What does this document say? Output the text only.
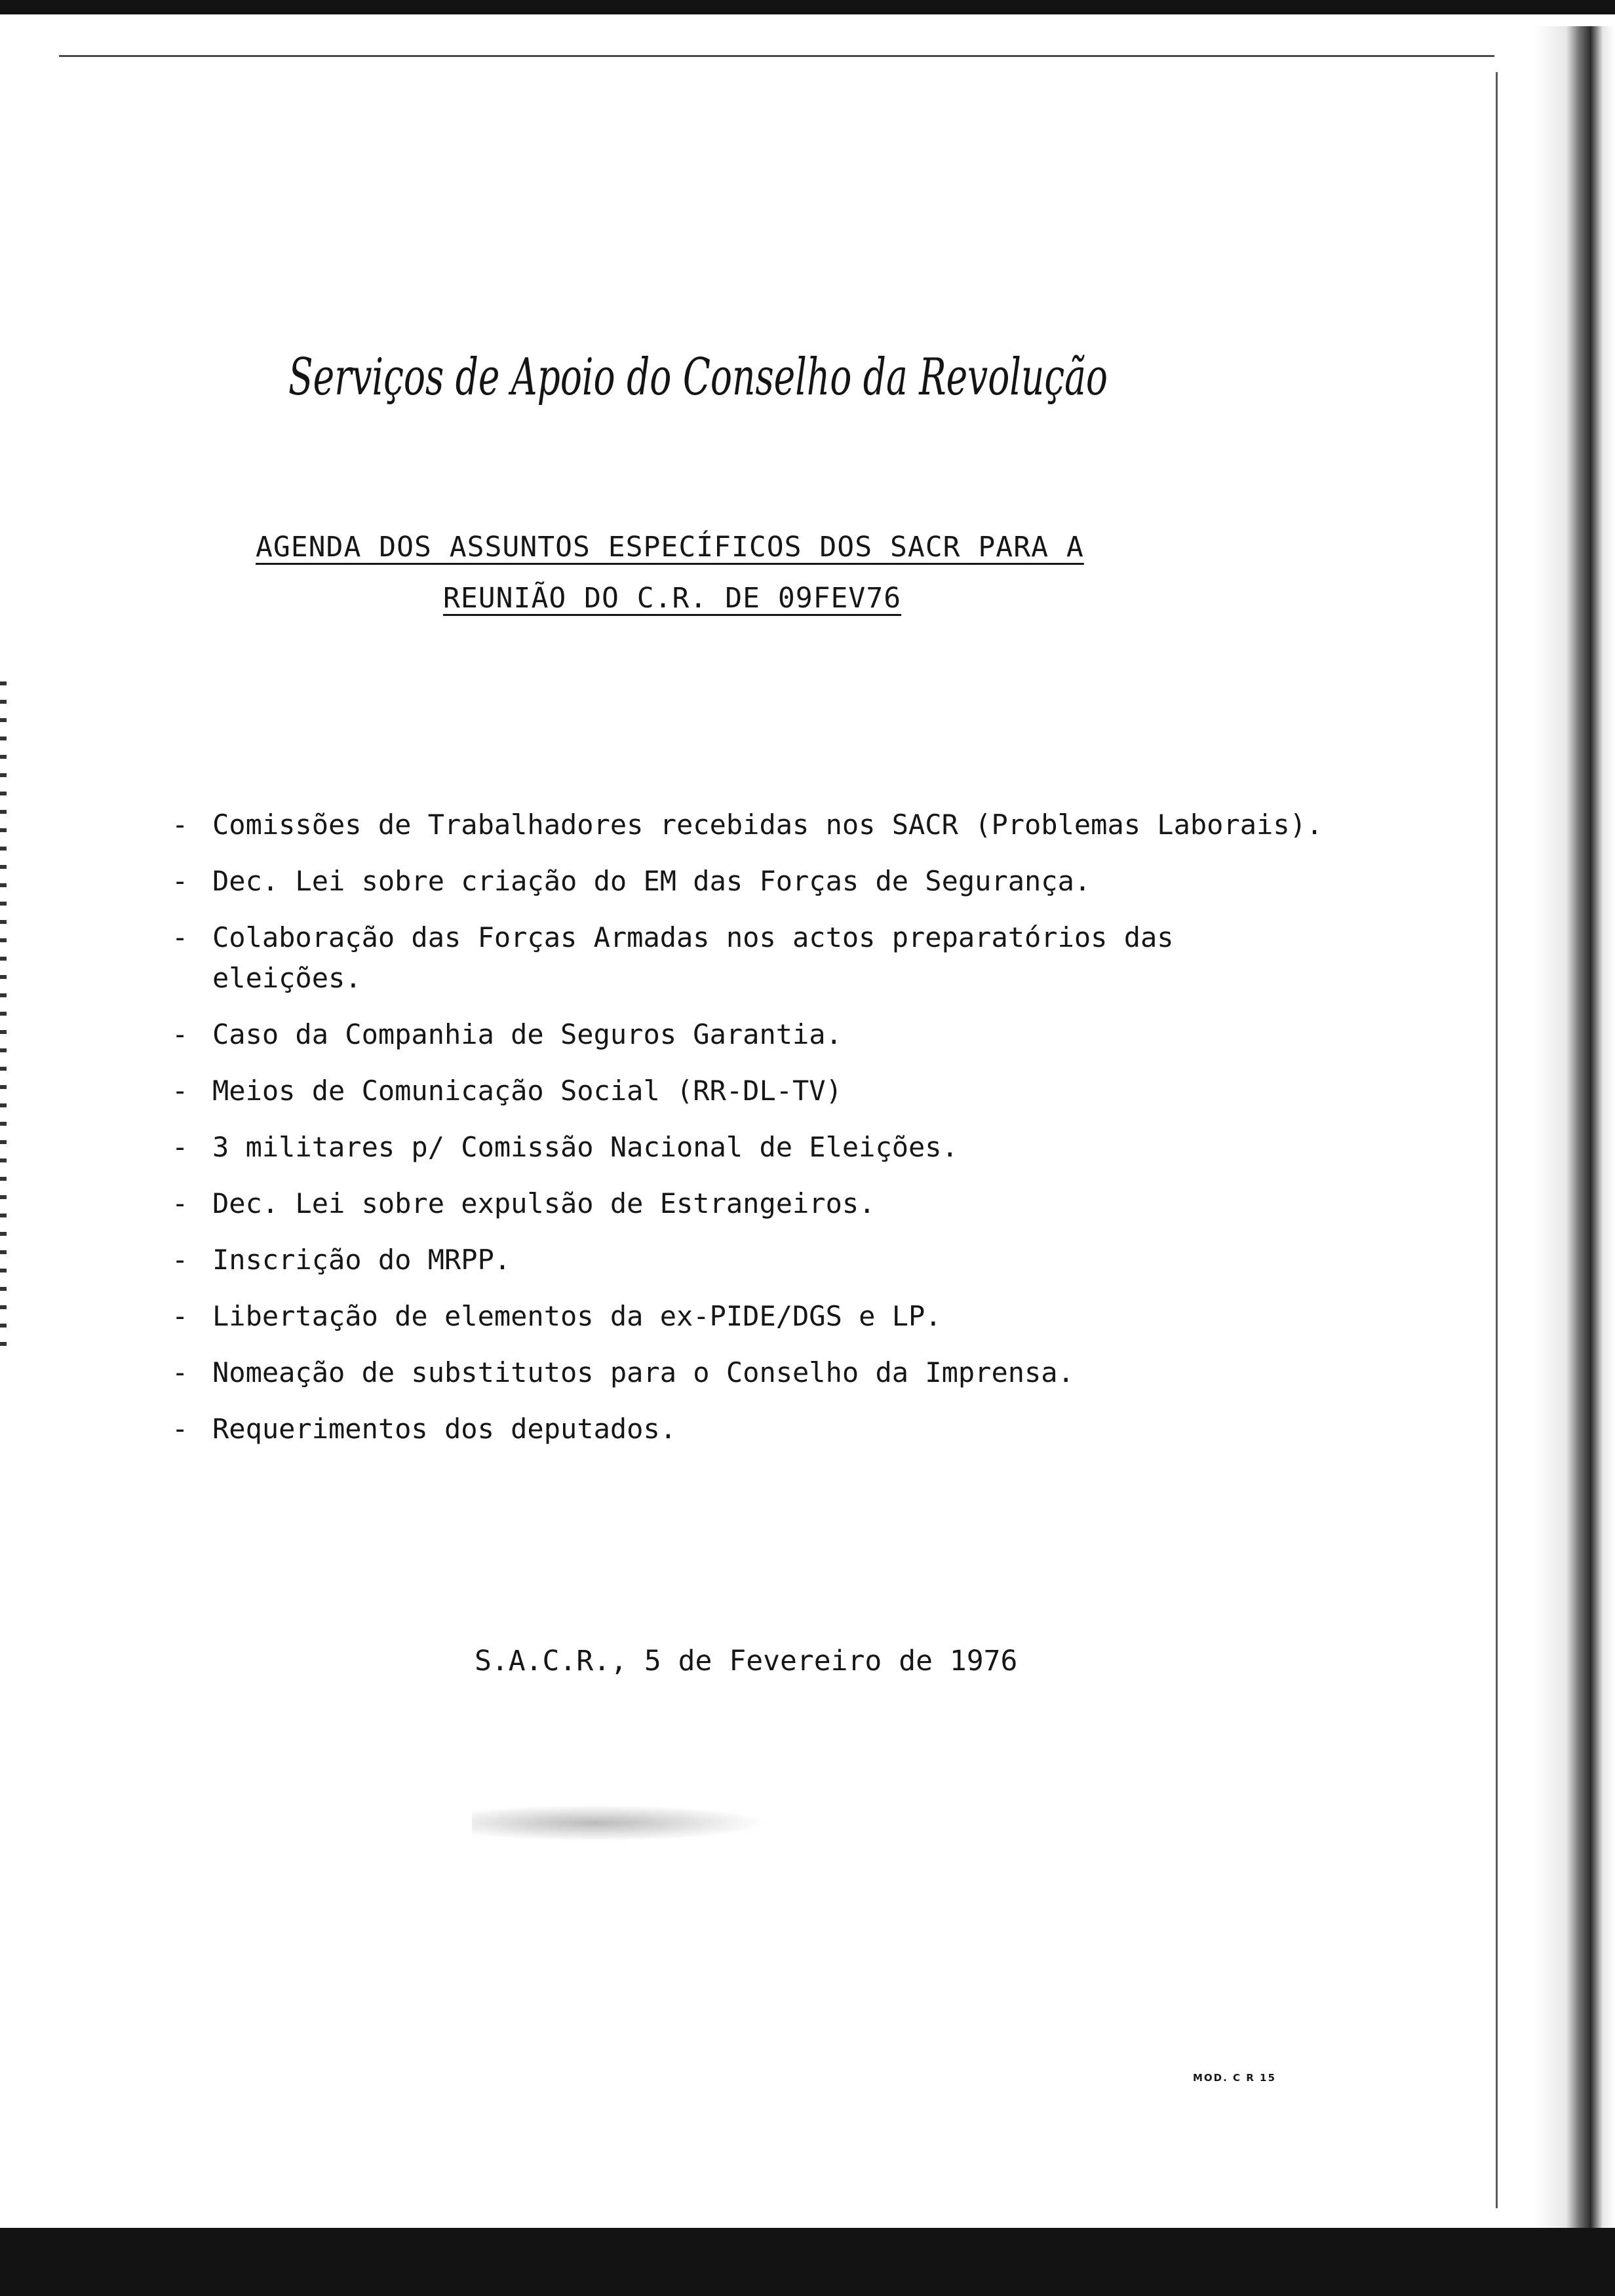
Serviços de Apoio do Conselho da Revolução
AGENDA DOS ASSUNTOS ESPECÍFICOS DOS SACR PARA A
REUNIÃO DO C.R. DE 09FEV76
- Comissões de Trabalhadores recebidas nos SACR (Problemas Laborais).
- Dec. Lei sobre criação do EM das Forças de Segurança.
- Colaboração das Forças Armadas nos actos preparatórios das eleições.
- Caso da Companhia de Seguros Garantia.
- Meios de Comunicação Social (RR-DL-TV)
- 3 militares p/ Comissão Nacional de Eleições.
- Dec. Lei sobre expulsão de Estrangeiros.
- Inscrição do MRPP.
- Libertação de elementos da ex-PIDE/DGS e LP.
- Nomeação de substitutos para o Conselho da Imprensa.
- Requerimentos dos deputados.
S.A.C.R., 5 de Fevereiro de 1976
MOD. C R 15
